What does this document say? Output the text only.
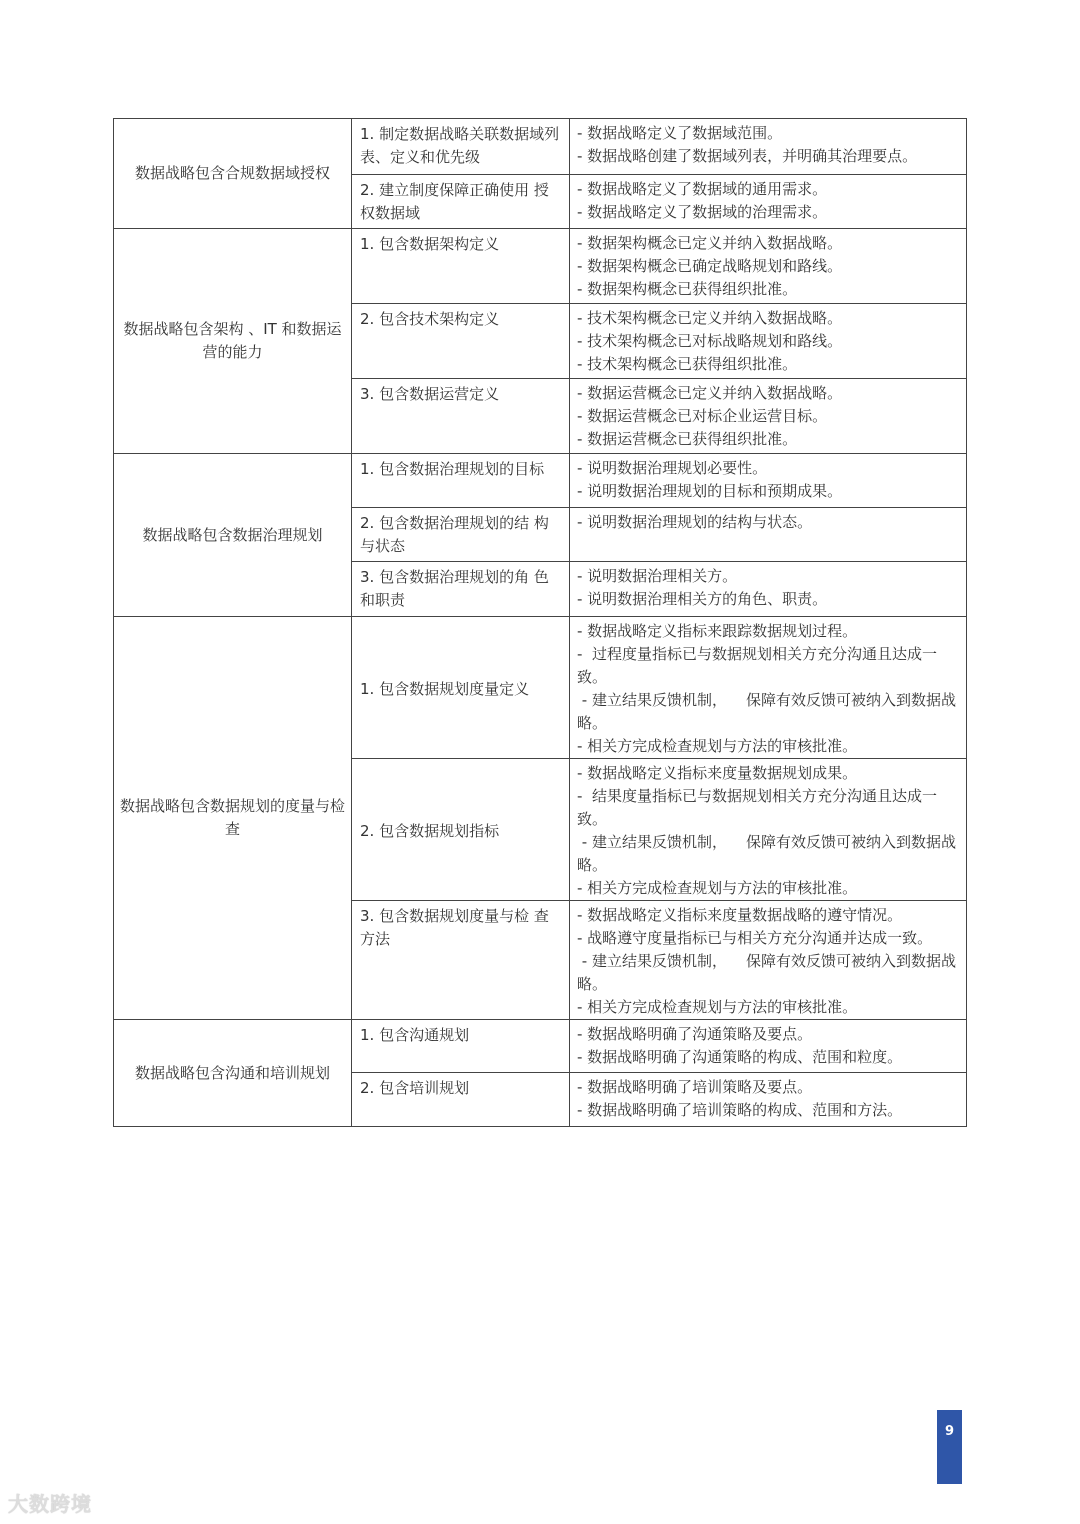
数据战略包含合规数据域授权	1. 制定数据战略关联数据域列表、定义和优先级	- 数据战略定义了数据域范围。
- 数据战略创建了数据域列表，并明确其治理要点。

	2. 建立制度保障正确使用 授权数据域	- 数据战略定义了数据域的通用需求。
- 数据战略定义了数据域的治理需求。

数据战略包含架构 、IT 和数据运营的能力	1. 包含数据架构定义	- 数据架构概念已定义并纳入数据战略。
- 数据架构概念已确定战略规划和路线。
- 数据架构概念已获得组织批准。

	2. 包含技术架构定义	- 技术架构概念已定义并纳入数据战略。
- 技术架构概念已对标战略规划和路线。
- 技术架构概念已获得组织批准。

	3. 包含数据运营定义	- 数据运营概念已定义并纳入数据战略。
- 数据运营概念已对标企业运营目标。
- 数据运营概念已获得组织批准。

数据战略包含数据治理规划	1. 包含数据治理规划的目标	- 说明数据治理规划必要性。
- 说明数据治理规划的目标和预期成果。

	2. 包含数据治理规划的结 构与状态	- 说明数据治理规划的结构与状态。

	3. 包含数据治理规划的角 色和职责	- 说明数据治理相关方。
- 说明数据治理相关方的角色、职责。

数据战略包含数据规划的度量与检查	1. 包含数据规划度量定义	- 数据战略定义指标来跟踪数据规划过程。
-  过程度量指标已与数据规划相关方充分沟通且达成一 致。
- 建立结果反馈机制，    保障有效反馈可被纳入到数据战略。
- 相关方完成检查规划与方法的审核批准。

	2. 包含数据规划指标	- 数据战略定义指标来度量数据规划成果。
-  结果度量指标已与数据规划相关方充分沟通且达成一 致。
- 建立结果反馈机制，    保障有效反馈可被纳入到数据战略。
- 相关方完成检查规划与方法的审核批准。

	3. 包含数据规划度量与检 查方法	- 数据战略定义指标来度量数据战略的遵守情况。
- 战略遵守度量指标已与相关方充分沟通并达成一致。
- 建立结果反馈机制，    保障有效反馈可被纳入到数据战略。
- 相关方完成检查规划与方法的审核批准。

数据战略包含沟通和培训规划	1. 包含沟通规划	- 数据战略明确了沟通策略及要点。
- 数据战略明确了沟通策略的构成、范围和粒度。

	2. 包含培训规划	- 数据战略明确了培训策略及要点。
- 数据战略明确了培训策略的构成、范围和方法。
9
大数跨境
